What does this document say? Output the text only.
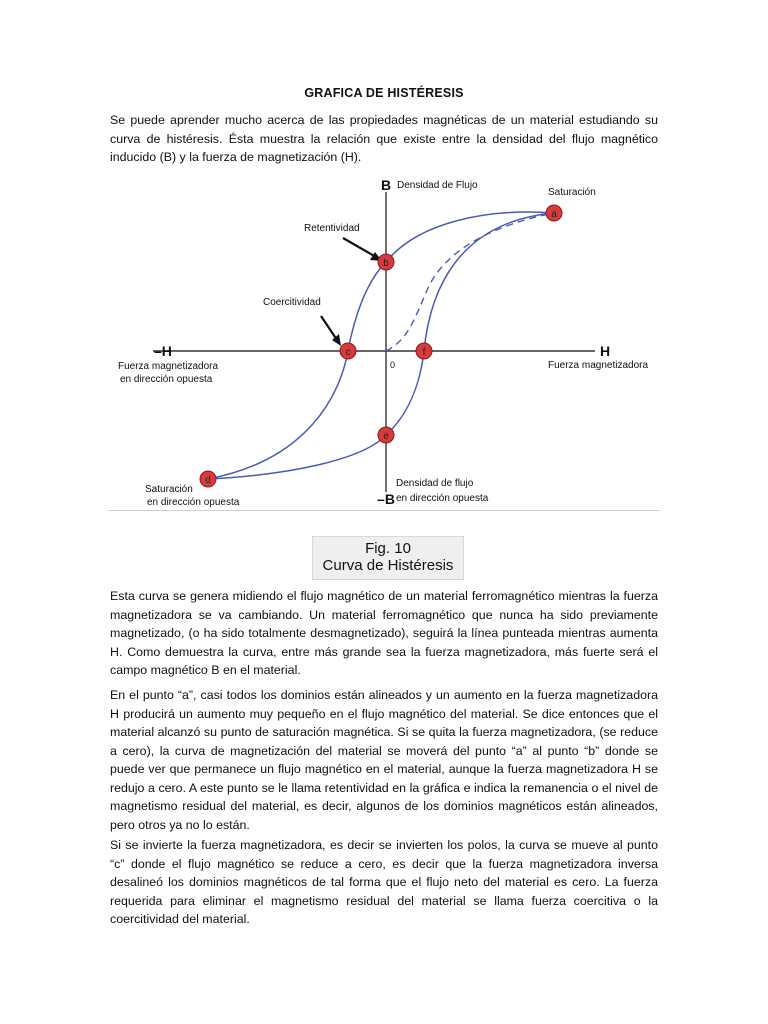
GRAFICA DE HISTÉRESIS

Se puede aprender mucho acerca de las propiedades magnéticas de un material estudiando su curva de histéresis. Ésta muestra la relación que existe entre la densidad del flujo magnético inducido (B) y la fuerza de magnetización (H).

a
b
c
d
e
f
B
–B
H
–H
0
Densidad de Flujo
Densidad de flujo
en dirección opuesta
Fuerza magnetizadora
Fuerza magnetizadora
en dirección opuesta
Saturación
Saturación
en dirección opuesta
Retentividad
Coercitividad
Fig. 10
Curva de Histéresis

Esta curva se genera midiendo el flujo magnético de un material ferromagnético mientras la fuerza magnetizadora se va cambiando. Un material ferromagnético que nunca ha sido previamente magnetizado, (o ha sido totalmente desmagnetizado), seguirá la línea punteada mientras aumenta H. Como demuestra la curva, entre más grande sea la fuerza magnetizadora, más fuerte será el campo magnético B en el material.

En el punto “a”, casi todos los dominios están alineados y un aumento en la fuerza magnetizadora H producirá un aumento muy pequeño en el flujo magnético del material. Se dice entonces que el material alcanzó su punto de saturación magnética. Si se quita la fuerza magnetizadora, (se reduce a cero), la curva de magnetización del material se moverá del punto “a” al punto “b” donde se puede ver que permanece un flujo magnético en el material, aunque la fuerza magnetizadora H se redujo a cero. A este punto se le llama retentividad en la gráfica e indica la remanencia o el nivel de magnetismo residual del material, es decir, algunos de los dominios magnéticos están alineados, pero otros ya no lo están.

Si se invierte la fuerza magnetizadora, es decir se invierten los polos, la curva se mueve al punto “c” donde el flujo magnético se reduce a cero, es decir que la fuerza magnetizadora inversa desalineó los dominios magnéticos de tal forma que el flujo neto del material es cero. La fuerza requerida para eliminar el magnetismo residual del material se llama fuerza coercitiva o la coercitividad del material.
